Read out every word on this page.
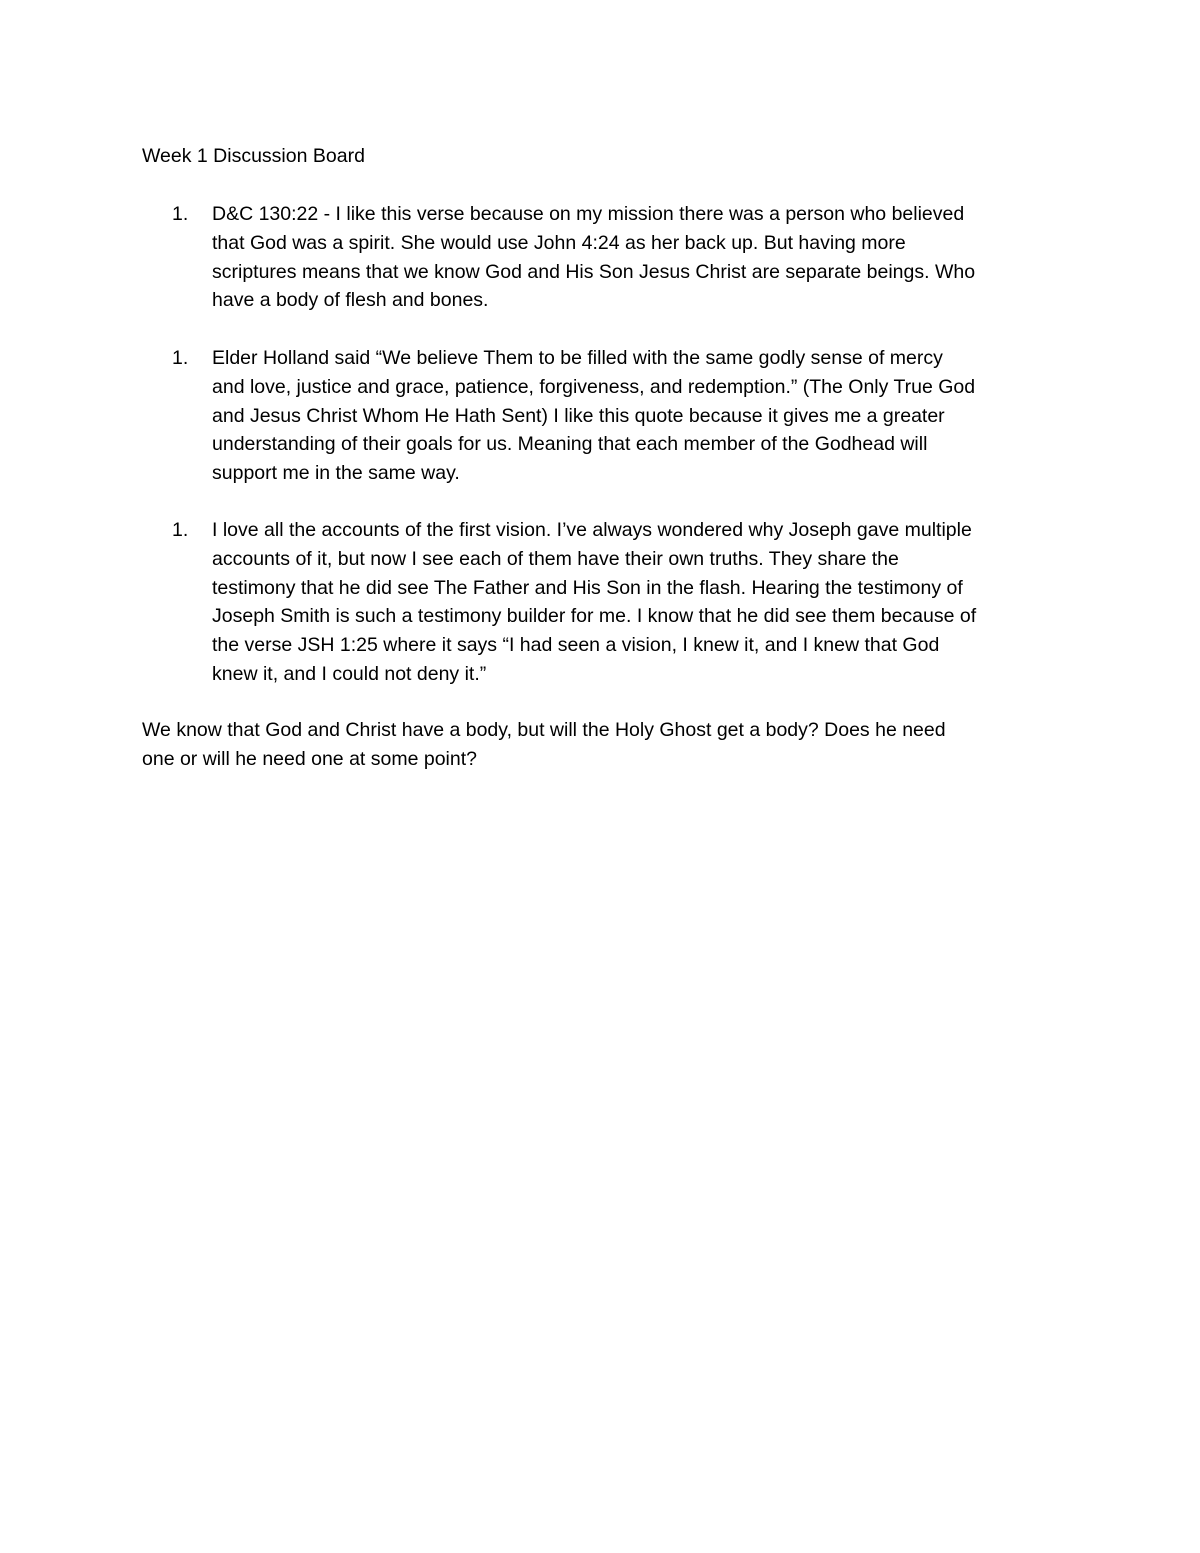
Week 1 Discussion Board
1.	D&C 130:22 - I like this verse because on my mission there was a person who believed
that God was a spirit. She would use John 4:24 as her back up. But having more
scriptures means that we know God and His Son Jesus Christ are separate beings. Who
have a body of flesh and bones.
1.	Elder Holland said “We believe Them to be filled with the same godly sense of mercy
and love, justice and grace, patience, forgiveness, and redemption.” (The Only True God
and Jesus Christ Whom He Hath Sent) I like this quote because it gives me a greater
understanding of their goals for us. Meaning that each member of the Godhead will
support me in the same way.
1.	I love all the accounts of the first vision. I’ve always wondered why Joseph gave multiple
accounts of it, but now I see each of them have their own truths. They share the
testimony that he did see The Father and His Son in the flash. Hearing the testimony of
Joseph Smith is such a testimony builder for me. I know that he did see them because of
the verse JSH 1:25 where it says “I had seen a vision, I knew it, and I knew that God
knew it, and I could not deny it.”
We know that God and Christ have a body, but will the Holy Ghost get a body? Does he need
one or will he need one at some point?
